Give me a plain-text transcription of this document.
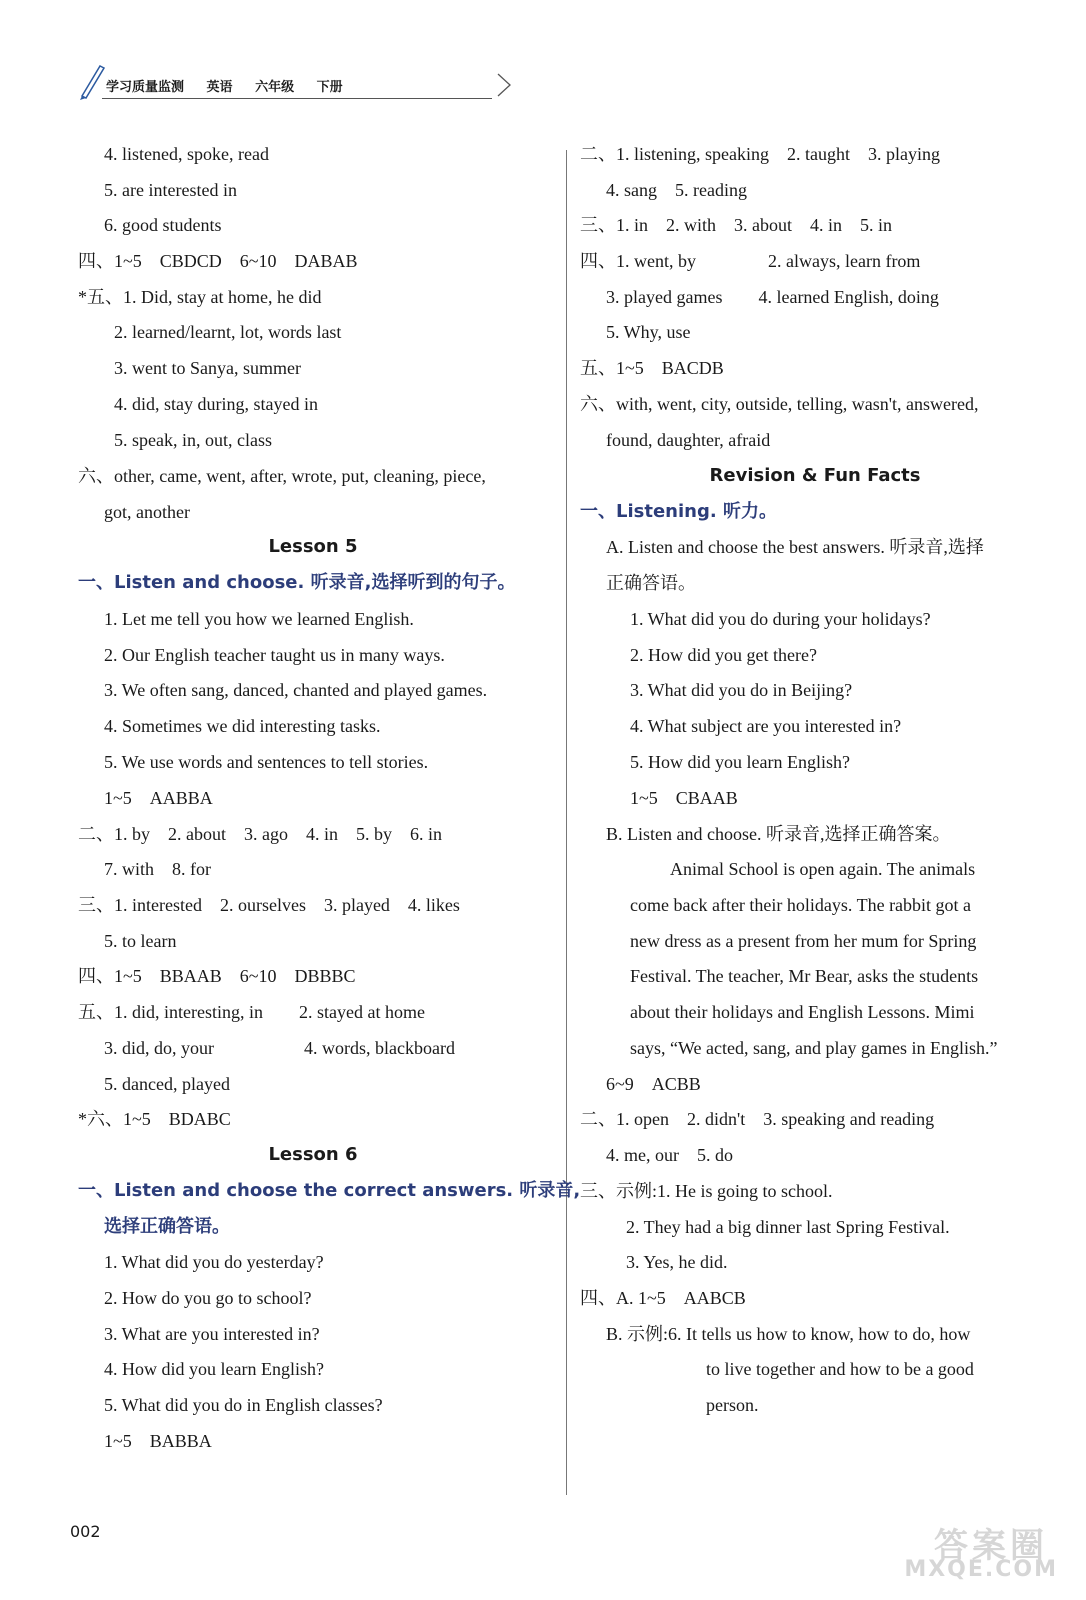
学习质量监测 英语 六年级 下册
4. listened, spoke, read
5. are interested in
6. good students
四、1~5　CBDCD　6~10　DABAB
*五、1. Did, stay at home, he did
2. learned/learnt, lot, words last
3. went to Sanya, summer
4. did, stay during, stayed in
5. speak, in, out, class
六、other, came, went, after, wrote, put, cleaning, piece,
got, another
Lesson 5
一、Listen and choose. 听录音,选择听到的句子。
1. Let me tell you how we learned English.
2. Our English teacher taught us in many ways.
3. We often sang, danced, chanted and played games.
4. Sometimes we did interesting tasks.
5. We use words and sentences to tell stories.
1~5　AABBA
二、1. by　2. about　3. ago　4. in　5. by　6. in
7. with　8. for
三、1. interested　2. ourselves　3. played　4. likes
5. to learn
四、1~5　BBAAB　6~10　DBBBC
五、1. did, interesting, in　　2. stayed at home
3. did, do, your　　　　　4. words, blackboard
5. danced, played
*六、1~5　BDABC
Lesson 6
一、Listen and choose the correct answers. 听录音,
选择正确答语。
1. What did you do yesterday?
2. How do you go to school?
3. What are you interested in?
4. How did you learn English?
5. What did you do in English classes?
1~5　BABBA
二、1. listening, speaking　2. taught　3. playing
4. sang　5. reading
三、1. in　2. with　3. about　4. in　5. in
四、1. went, by　　　　2. always, learn from
3. played games　　4. learned English, doing
5. Why, use
五、1~5　BACDB
六、with, went, city, outside, telling, wasn't, answered,
found, daughter, afraid
Revision & Fun Facts
一、Listening. 听力。
A. Listen and choose the best answers. 听录音,选择
正确答语。
1. What did you do during your holidays?
2. How did you get there?
3. What did you do in Beijing?
4. What subject are you interested in?
5. How did you learn English?
1~5　CBAAB
B. Listen and choose. 听录音,选择正确答案。
Animal School is open again. The animals
come back after their holidays. The rabbit got a
new dress as a present from her mum for Spring
Festival. The teacher, Mr Bear, asks the students
about their holidays and English Lessons. Mimi
says, “We acted, sang, and play games in English.”
6~9　ACBB
二、1. open　2. didn't　3. speaking and reading
4. me, our　5. do
三、示例:1. He is going to school.
2. They had a big dinner last Spring Festival.
3. Yes, he did.
四、A. 1~5　AABCB
B. 示例:6. It tells us how to know, how to do, how
to live together and how to be a good
person.
002	答案圈
MXQE.COM
